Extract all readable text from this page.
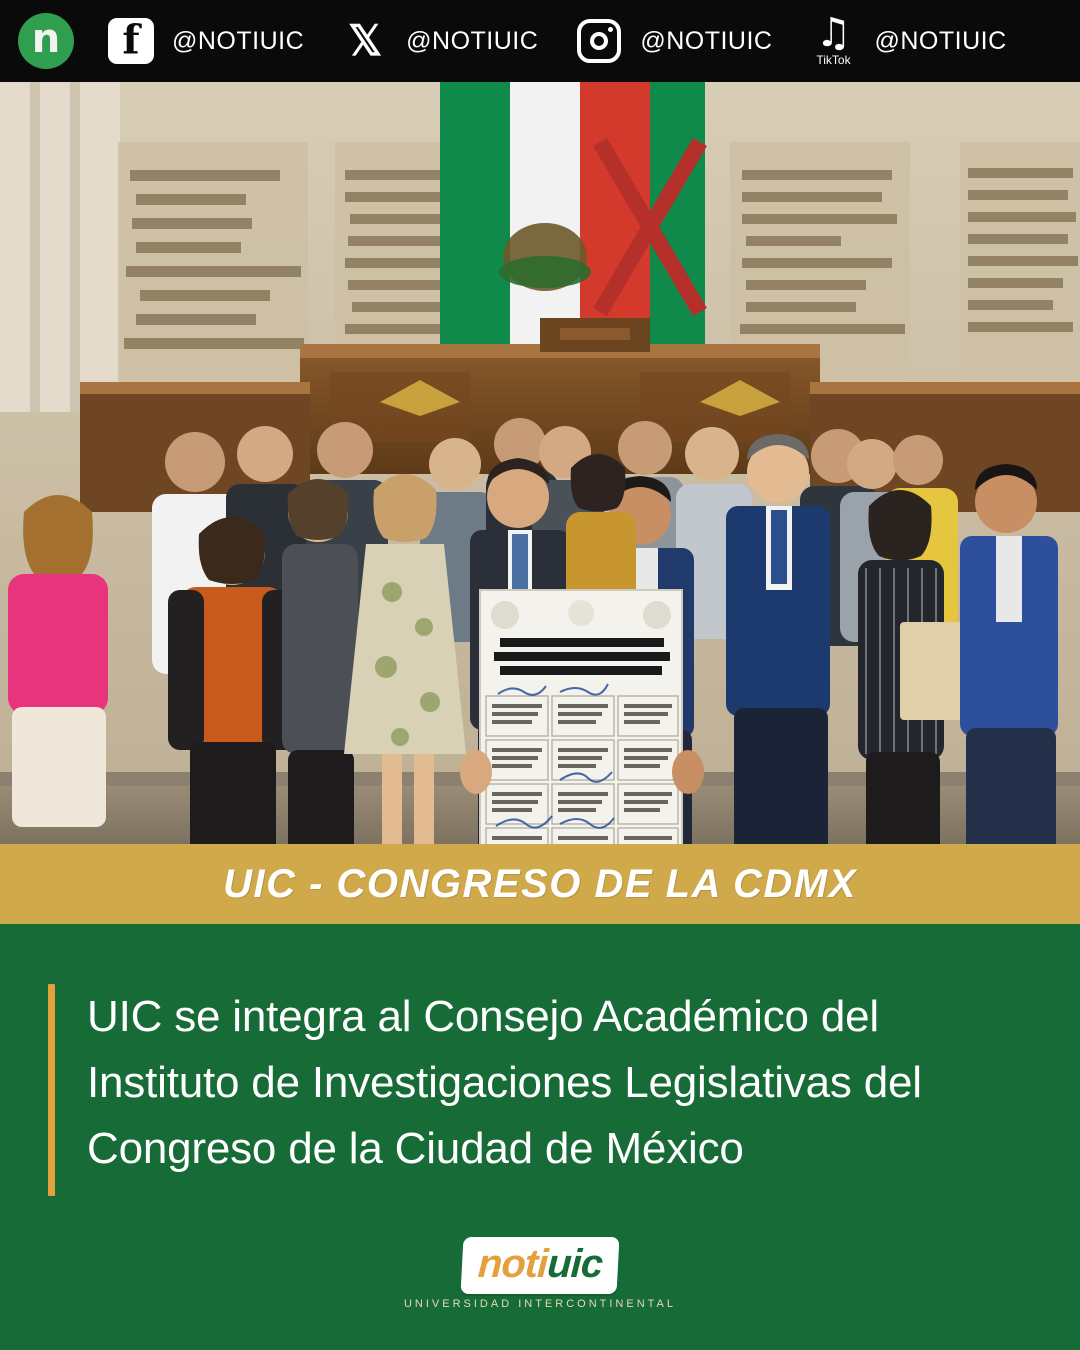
n f	@NOTIUIC 𝕏 @NOTIUIC	@NOTIUIC ♫
TikTok
@NOTIUIC
UIC - CONGRESO DE LA CDMX
UIC se integra al Consejo Académico del Instituto de Investigaciones Legislativas del Congreso de la Ciudad de México
notiuic
UNIVERSIDAD INTERCONTINENTAL
